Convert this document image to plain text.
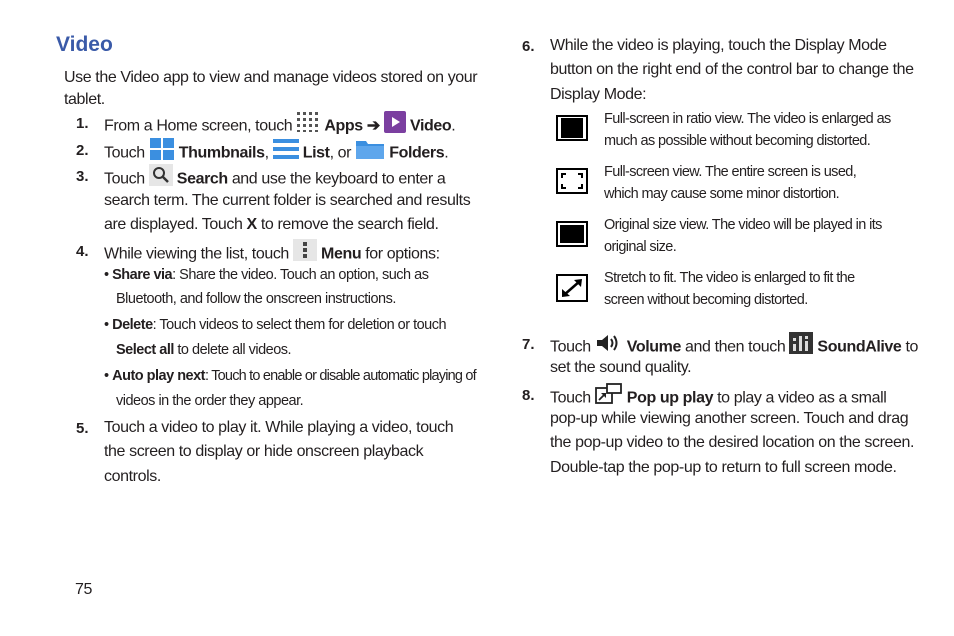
Video
Use the Video app to view and manage videos stored on your
tablet.
1. From a Home screen, touch Apps ➔ Video.
2. Touch Thumbnails, List, or Folders.
3. Touch Search and use the keyboard to enter a
search term. The current folder is searched and results
are displayed. Touch X to remove the search field.
4. While viewing the list, touch Menu for options:
• Share via: Share the video. Touch an option, such as
Bluetooth, and follow the onscreen instructions.
• Delete: Touch videos to select them for deletion or touch
Select all to delete all videos.
• Auto play next: Touch to enable or disable automatic playing of
videos in the order they appear.
5. Touch a video to play it. While playing a video, touch
the screen to display or hide onscreen playback
controls.
75
6. While the video is playing, touch the Display Mode
button on the right end of the control bar to change the
Display Mode:
Full-screen in ratio view. The video is enlarged as
much as possible without becoming distorted.
Full-screen view. The entire screen is used,
which may cause some minor distortion.
Original size view. The video will be played in its
original size.
Stretch to fit. The video is enlarged to fit the
screen without becoming distorted.
7. Touch Volume and then touch SoundAlive to
set the sound quality.
8. Touch Pop up play to play a video as a small
pop-up while viewing another screen. Touch and drag
the pop-up video to the desired location on the screen.
Double-tap the pop-up to return to full screen mode.
